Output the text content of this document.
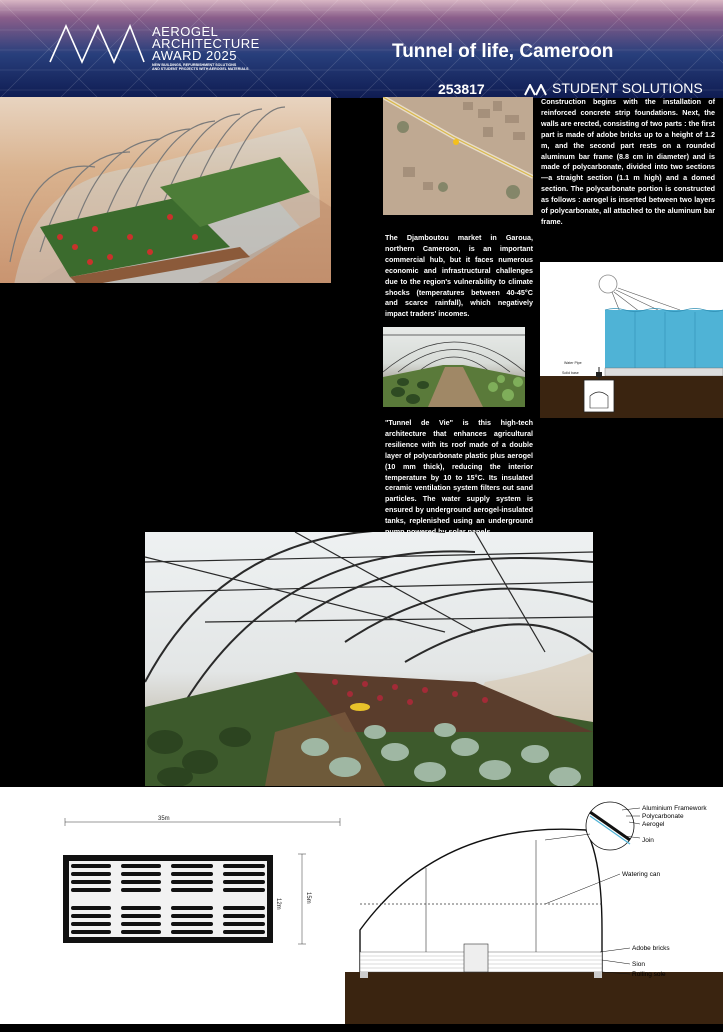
AEROGEL
ARCHITECTURE
AWARD 2025
NEW BUILDINGS, REFURBISHMENT SOLUTIONS
AND STUDENT PROJECTS WITH AEROGEL MATERIALS
Tunnel of life, Cameroon
253817	STUDENT SOLUTIONS
Construction begins with the installation of reinforced concrete strip foundations. Next, the walls are erected, consisting of two parts : the first part is made of adobe bricks up to a height of 1.2 m, and the second part rests on a rounded aluminum bar frame (8.8 cm in diameter) and is made of polycarbonate, divided into two sections—a straight section (1.1 m high) and a domed section. The polycarbonate portion is constructed as follows : aerogel is inserted between two layers of polycarbonate, all attached to the aluminum bar frame.
The Djamboutou market in Garoua, northern Cameroon, is an important commercial hub, but it faces numerous economic and infrastructural challenges due to the region's vulnerability to climate shocks (temperatures between 40-45°C and scarce rainfall), which negatively impact traders' incomes.
Water Pipe
Solid base
"Tunnel de Vie" is this high-tech architecture that enhances agricultural resilience with its roof made of a double layer of polycarbonate plastic plus aerogel (10 mm thick), reducing the interior temperature by 10 to 15°C. Its insulated ceramic ventilation system filters out sand particles. The water supply system is ensured by underground aerogel-insulated tanks, replenished using an underground
35m
12m
15m
Aluminium Framework
Polycarbonate
Aerogel
Join
Watering can
Adobe bricks
Sion
Rolling sole
